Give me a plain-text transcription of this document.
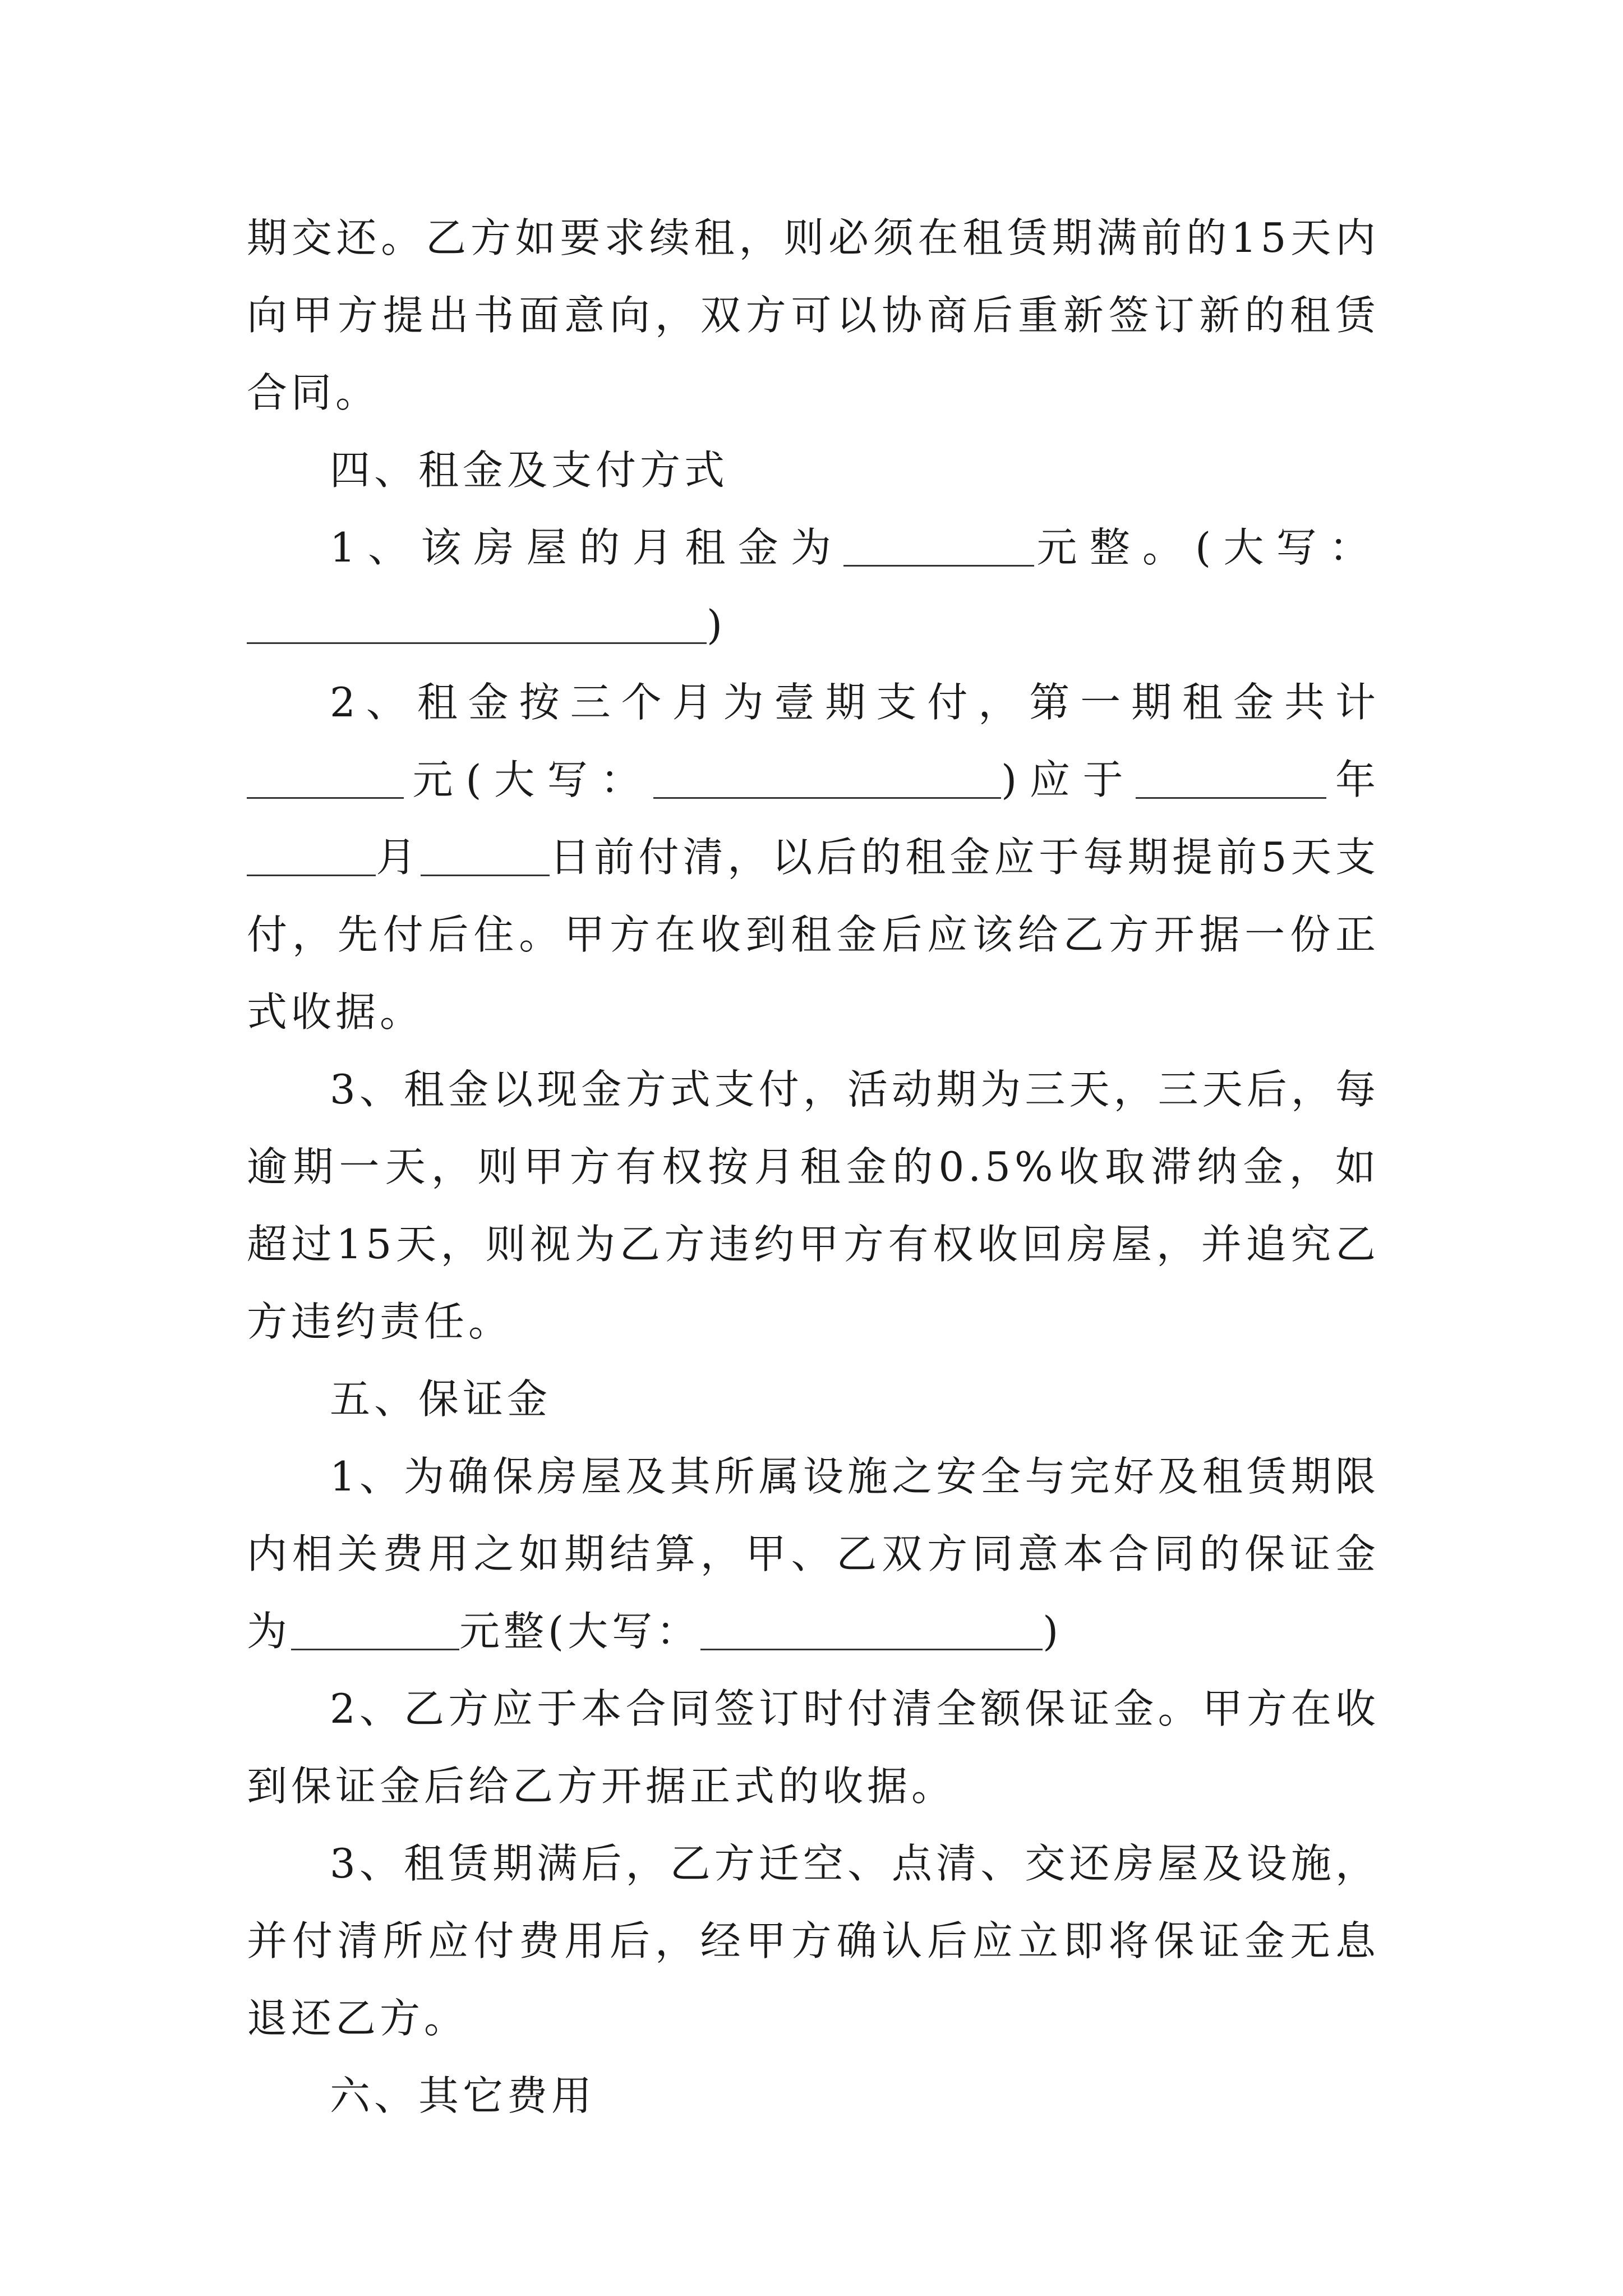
期交还。乙方如要求续租，则必须在租赁期满前的15天内向甲方提出书面意向，双方可以协商后重新签订新的租赁合同。

四、租金及支付方式

1、该房屋的月租金为	元整。(大写：)

2、租金按三个月为壹期支付，第一期租金共计元(大写：	)应于	年月	日前付清，以后的租金应于每期提前5天支付，先付后住。甲方在收到租金后应该给乙方开据一份正式收据。

3、租金以现金方式支付，活动期为三天，三天后，每逾期一天，则甲方有权按月租金的0.5%收取滞纳金，如超过15天，则视为乙方违约甲方有权收回房屋，并追究乙方违约责任。

五、保证金

1、为确保房屋及其所属设施之安全与完好及租赁期限内相关费用之如期结算，甲、乙双方同意本合同的保证金为	元整(大写：	)

2、乙方应于本合同签订时付清全额保证金。甲方在收到保证金后给乙方开据正式的收据。

3、租赁期满后，乙方迁空、点清、交还房屋及设施，并付清所应付费用后，经甲方确认后应立即将保证金无息退还乙方。

六、其它费用
